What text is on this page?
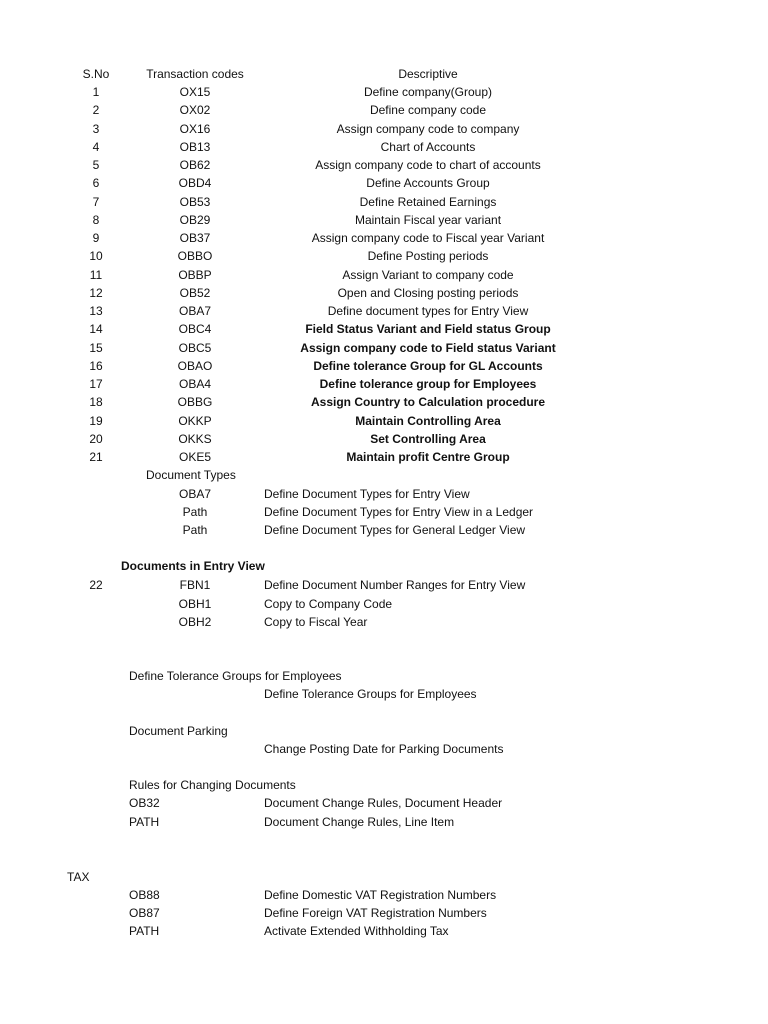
S.No	Transaction codes	Descriptive
1	OX15	Define company(Group)
2	OX02	Define company code
3	OX16	Assign company code to company
4	OB13	Chart of Accounts
5	OB62	Assign company code to chart of accounts
6	OBD4	Define Accounts Group
7	OB53	Define Retained Earnings
8	OB29	Maintain Fiscal year variant
9	OB37	Assign company code to Fiscal year Variant
10	OBBO	Define Posting periods
11	OBBP	Assign Variant to company code
12	OB52	Open and Closing posting periods
13	OBA7	Define document types for Entry View
14	OBC4	Field Status Variant and Field status Group
15	OBC5	Assign company code to Field status Variant
16	OBAO	Define tolerance Group for GL Accounts
17	OBA4	Define tolerance group for Employees
18	OBBG	Assign Country to Calculation procedure
19	OKKP	Maintain Controlling Area
20	OKKS	Set Controlling Area
21	OKE5	Maintain profit Centre Group
Document Types
OBA7	Define Document Types for Entry View
Path	Define Document Types for Entry View in a Ledger
Path	Define Document Types for General Ledger View
Documents in Entry View
22	FBN1	Define Document Number Ranges for Entry View
OBH1	Copy to Company Code
OBH2	Copy to Fiscal Year
Define Tolerance Groups for Employees
Define Tolerance Groups for Employees
Document Parking
Change Posting Date for Parking Documents
Rules for Changing Documents
OB32	Document Change Rules, Document Header
PATH	Document Change Rules, Line Item
TAX
OB88	Define Domestic VAT Registration Numbers
OB87	Define Foreign VAT Registration Numbers
PATH	Activate Extended Withholding Tax
